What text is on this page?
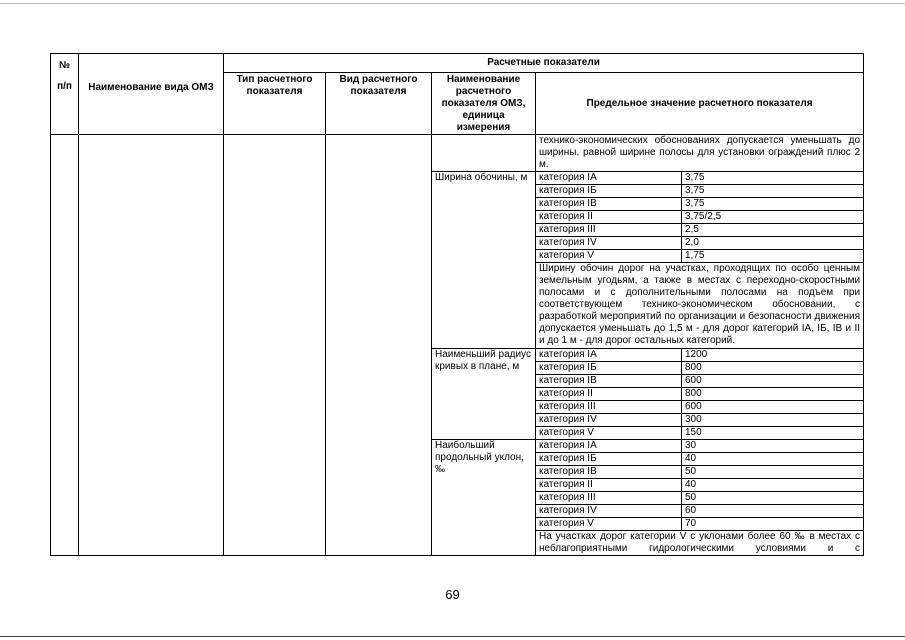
№
п/п	Наименование вида ОМЗ	Расчетные показатели				
		Тип расчетного показателя	Вид расчетного показателя	Наименование расчетного показателя ОМЗ, единица измерения	Предельное значение расчетного показателя	
					технико-экономических обоснованиях допускается уменьшать до ширины, равной ширине полосы для установки ограждений плюс 2 м.	
				Ширина обочины, м	категория IA	3,75
					категория IБ	3,75
					категория IB	3,75
					категория II	3,75/2,5
					категория III	2,5
					категория IV	2,0
					категория V	1,75
					Ширину обочин дорог на участках, проходящих по особо ценным земельным угодьям, а также в местах с переходно-скоростными полосами и с дополнительными полосами на подъем при соответствующем технико-экономическом обосновании, с разработкой мероприятий по организации и безопасности движения допускается уменьшать до 1,5 м - для дорог категорий IA, IБ, IB и II и до 1 м - для дорог остальных категорий.	
				Наименьший радиус кривых в плане, м	категория IA	1200
					категория IБ	800
					категория IB	600
					категория II	800
					категория III	600
					категория IV	300
					категория V	150
				Наибольший продольный уклон, ‰	категория IA	30
					категория IБ	40
					категория IB	50
					категория II	40
					категория III	50
					категория IV	60
					категория V	70
					На участках дорог категории V с уклонами более 60 ‰ в местах с неблагоприятными гидрологическими условиями и с	
69
